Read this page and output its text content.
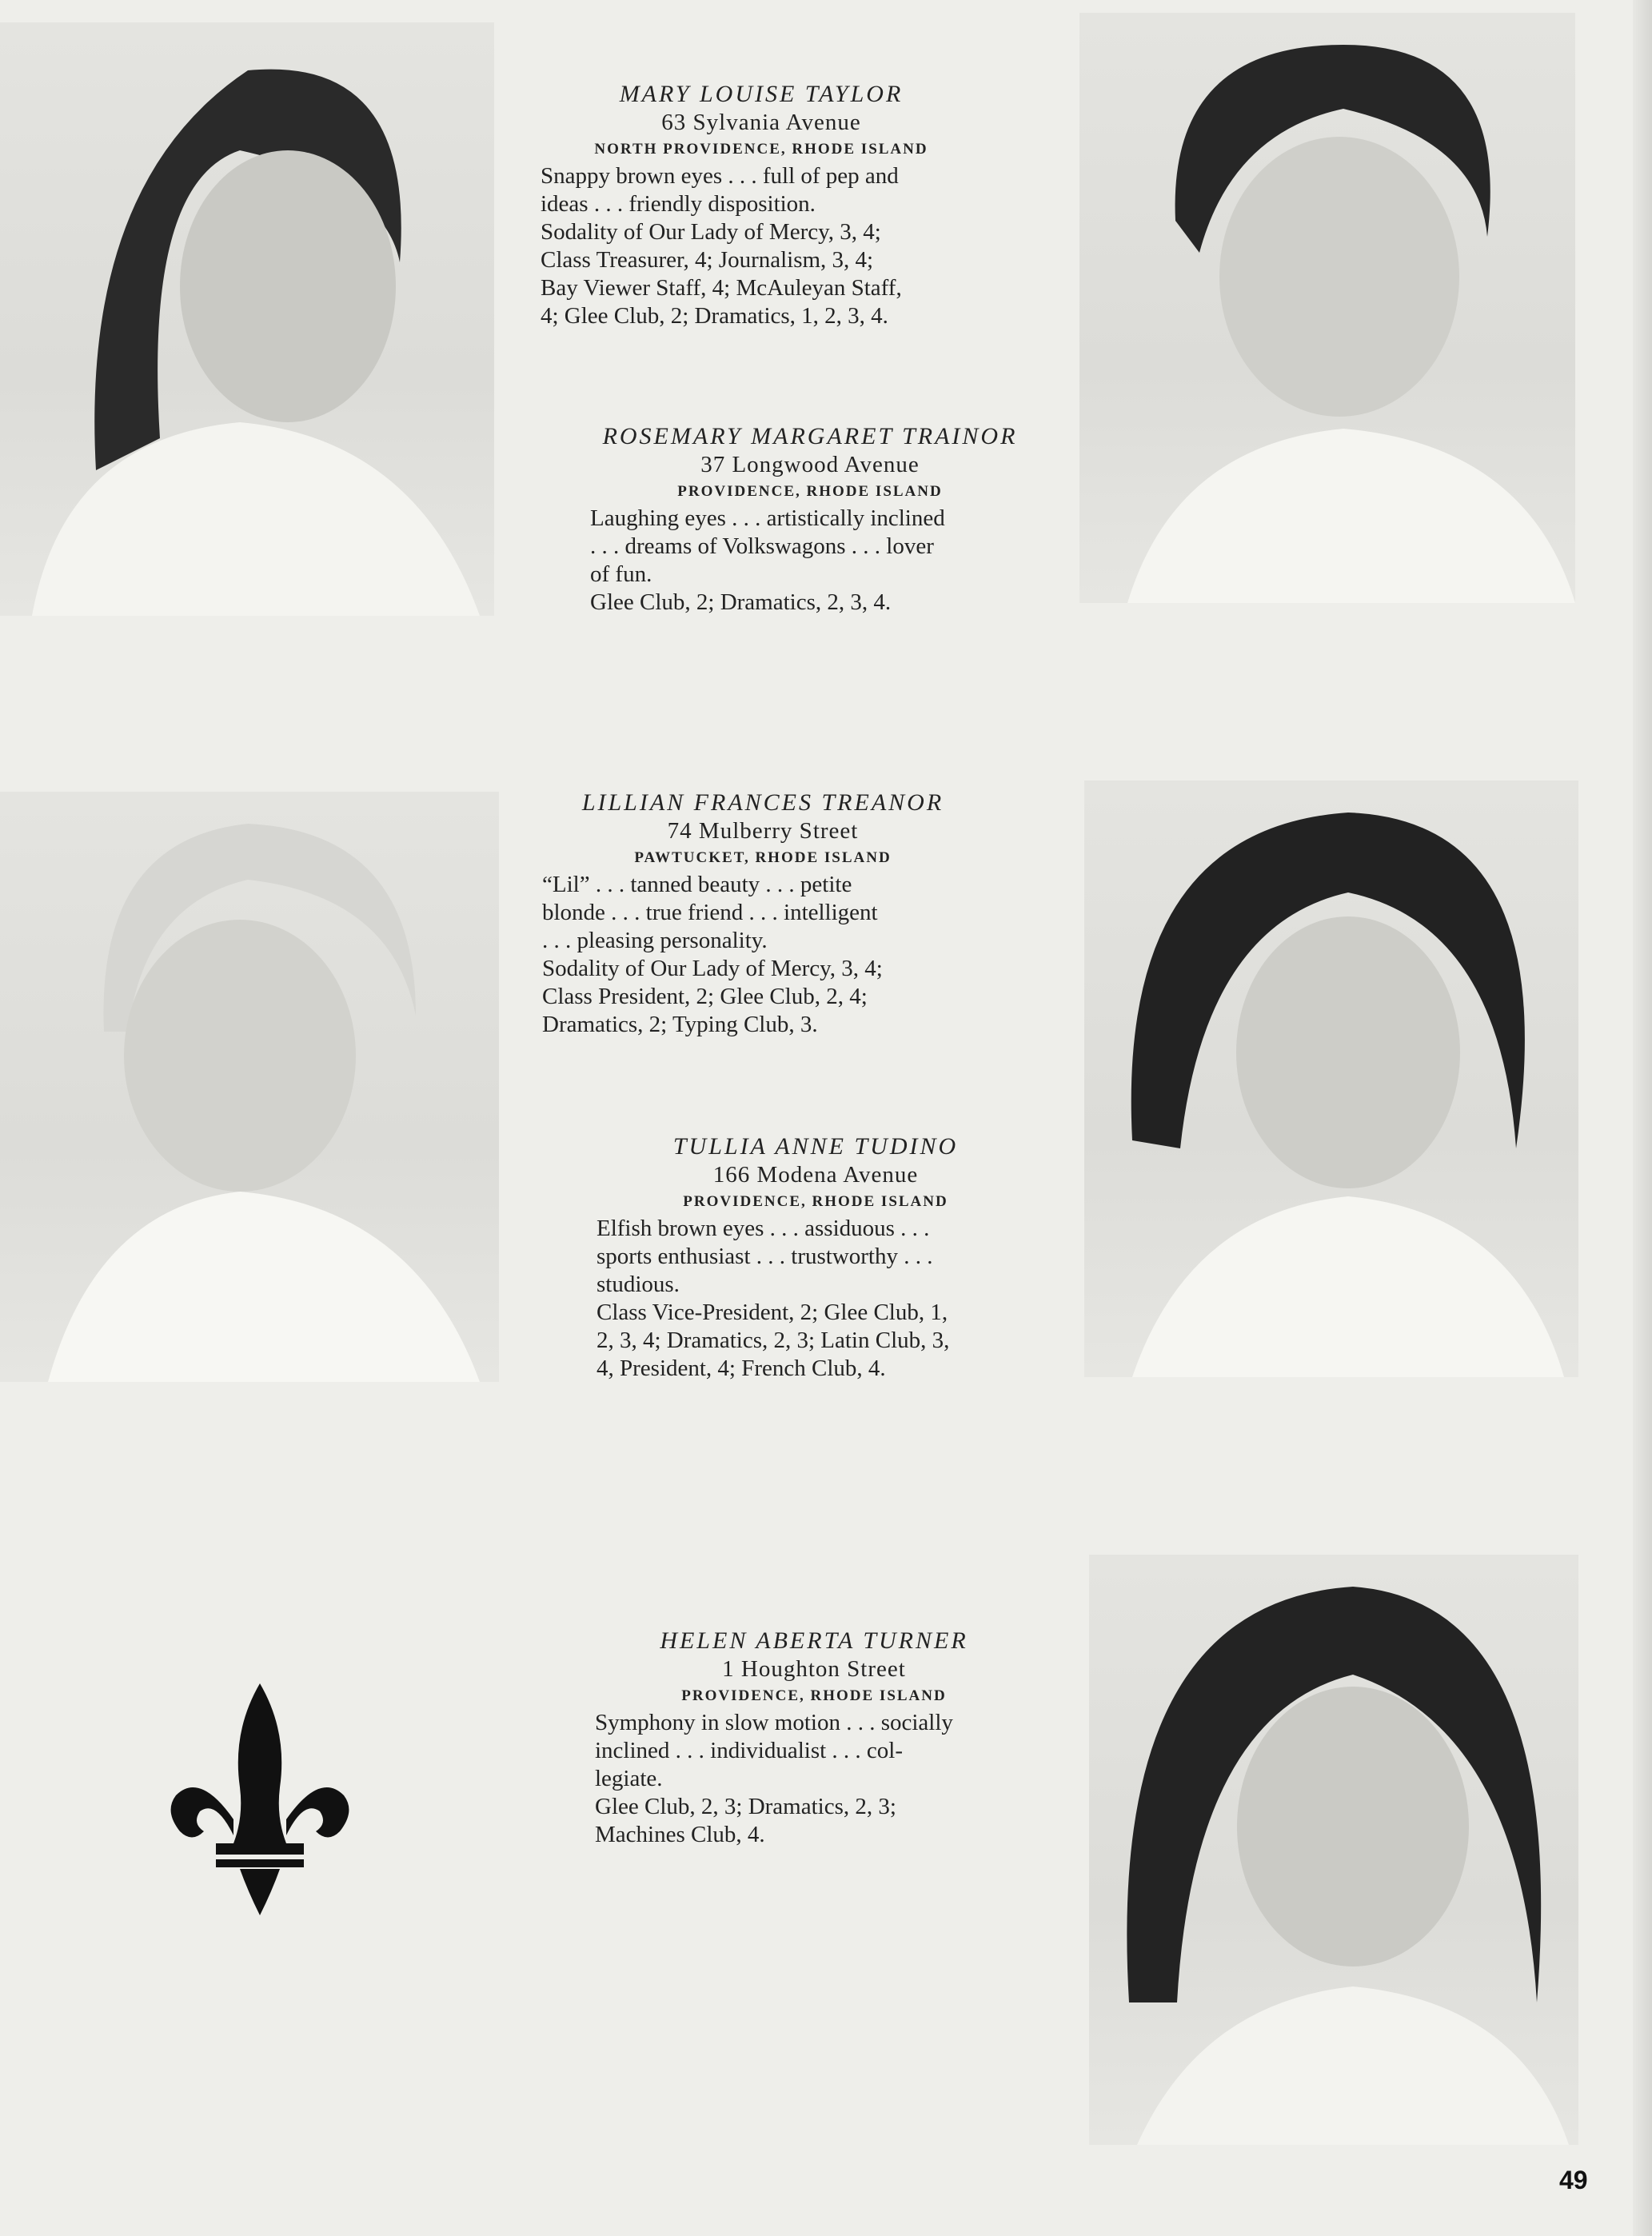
MARY LOUISE TAYLOR
63 Sylvania Avenue
NORTH PROVIDENCE, RHODE ISLAND
Snappy brown eyes . . . full of pep and
ideas . . . friendly disposition.
Sodality of Our Lady of Mercy, 3, 4;
Class Treasurer, 4; Journalism, 3, 4;
Bay Viewer Staff, 4; McAuleyan Staff,
4; Glee Club, 2; Dramatics, 1, 2, 3, 4.
ROSEMARY MARGARET TRAINOR
37 Longwood Avenue
PROVIDENCE, RHODE ISLAND
Laughing eyes . . . artistically inclined
. . . dreams of Volkswagons . . . lover
of fun.
Glee Club, 2; Dramatics, 2, 3, 4.
LILLIAN FRANCES TREANOR
74 Mulberry Street
PAWTUCKET, RHODE ISLAND
“Lil” . . . tanned beauty . . . petite
blonde . . . true friend . . . intelligent
. . . pleasing personality.
Sodality of Our Lady of Mercy, 3, 4;
Class President, 2; Glee Club, 2, 4;
Dramatics, 2; Typing Club, 3.
TULLIA ANNE TUDINO
166 Modena Avenue
PROVIDENCE, RHODE ISLAND
Elfish brown eyes . . . assiduous . . .
sports enthusiast . . . trustworthy . . .
studious.
Class Vice-President, 2; Glee Club, 1,
2, 3, 4; Dramatics, 2, 3; Latin Club, 3,
4, President, 4; French Club, 4.
HELEN ABERTA TURNER
1 Houghton Street
PROVIDENCE, RHODE ISLAND
Symphony in slow motion . . . socially
inclined . . . individualist . . . col-
legiate.
Glee Club, 2, 3; Dramatics, 2, 3;
Machines Club, 4.
49
